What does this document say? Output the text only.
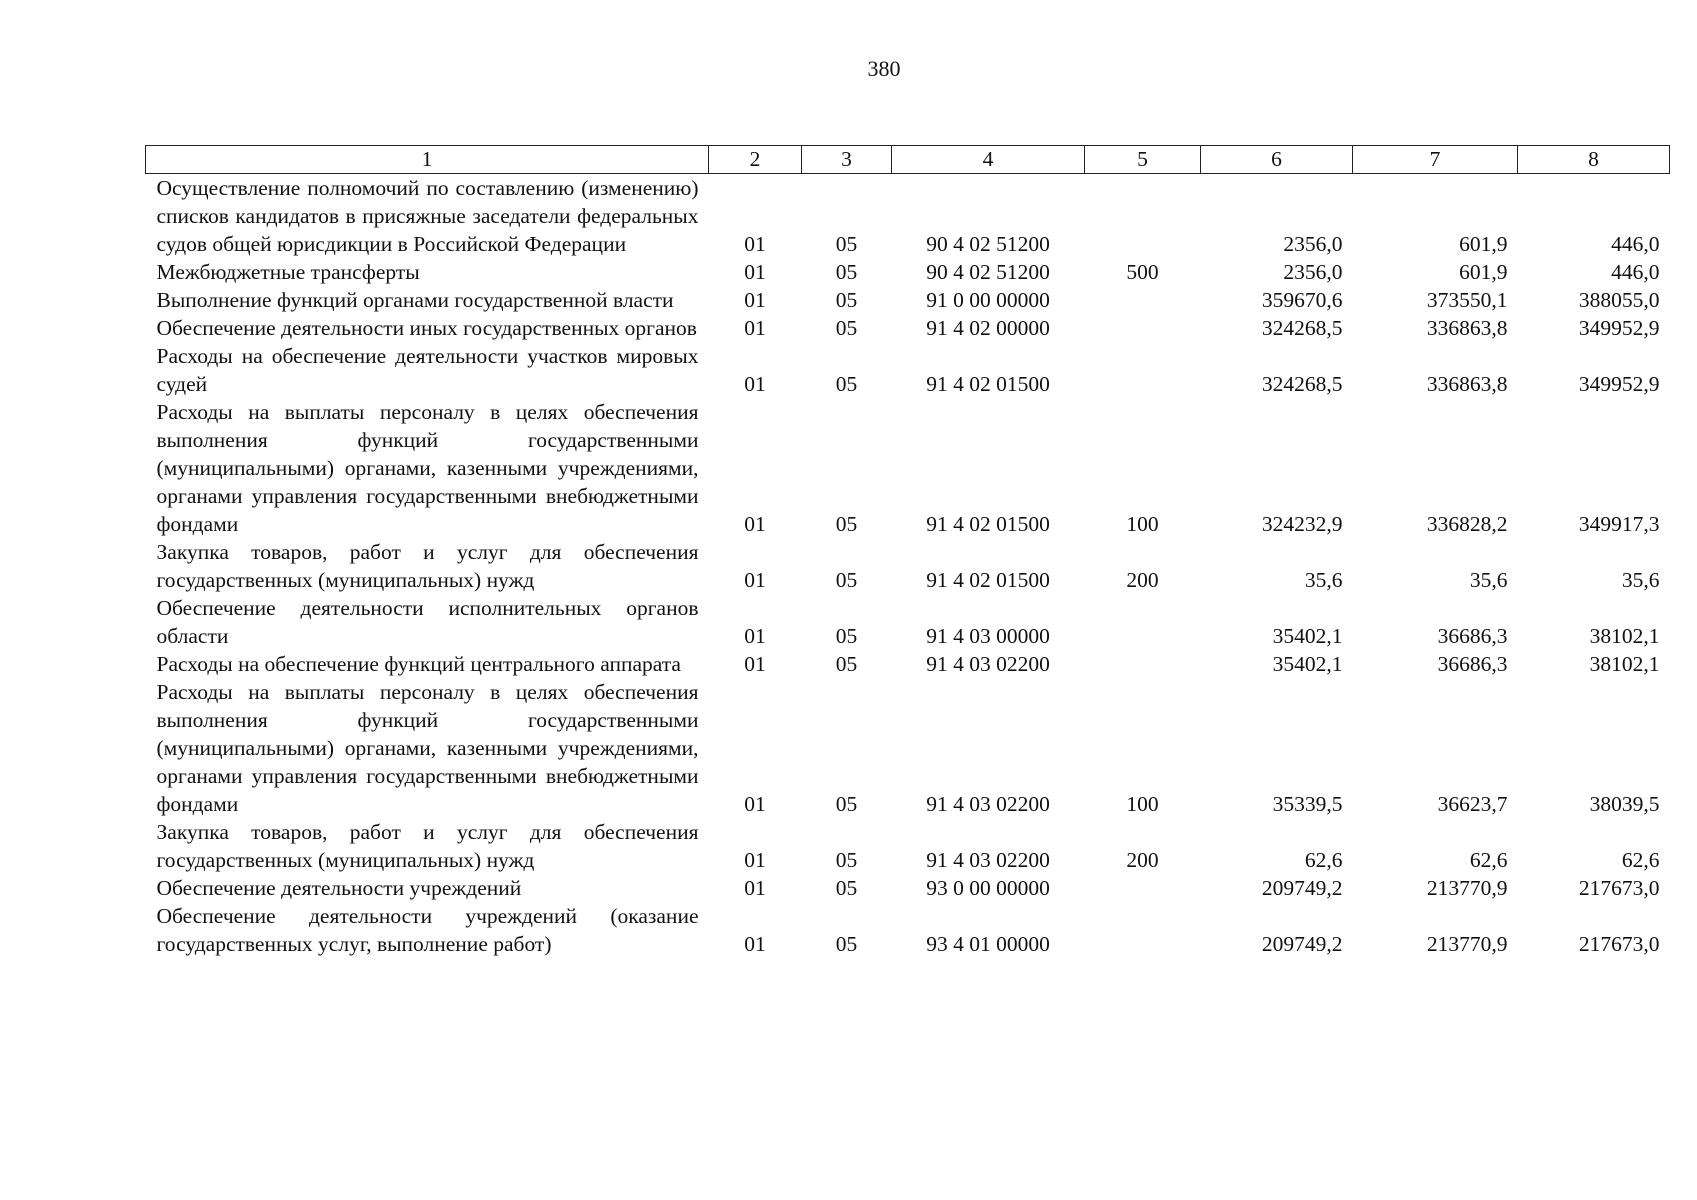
380
1	2	3	4	5	6	7	8
Осуществление полномочий по составлению (изменению) списков кандидатов в присяжные заседатели федеральных судов общей юрисдикции в Российской Федерации	01	05	90 4 02 51200		2356,0	601,9	446,0
Межбюджетные трансферты	01	05	90 4 02 51200	500	2356,0	601,9	446,0
Выполнение функций органами государственной власти	01	05	91 0 00 00000		359670,6	373550,1	388055,0
Обеспечение деятельности иных государственных органов	01	05	91 4 02 00000		324268,5	336863,8	349952,9
Расходы на обеспечение деятельности участков мировых судей	01	05	91 4 02 01500		324268,5	336863,8	349952,9
Расходы на выплаты персоналу в целях обеспечения выполнения функций государственными (муниципальными) органами, казенными учреждениями, органами управления государственными внебюджетными фондами	01	05	91 4 02 01500	100	324232,9	336828,2	349917,3
Закупка товаров, работ и услуг для обеспечения государственных (муниципальных) нужд	01	05	91 4 02 01500	200	35,6	35,6	35,6
Обеспечение деятельности исполнительных органов области	01	05	91 4 03 00000		35402,1	36686,3	38102,1
Расходы на обеспечение функций центрального аппарата	01	05	91 4 03 02200		35402,1	36686,3	38102,1
Расходы на выплаты персоналу в целях обеспечения выполнения функций государственными (муниципальными) органами, казенными учреждениями, органами управления государственными внебюджетными фондами	01	05	91 4 03 02200	100	35339,5	36623,7	38039,5
Закупка товаров, работ и услуг для обеспечения государственных (муниципальных) нужд	01	05	91 4 03 02200	200	62,6	62,6	62,6
Обеспечение деятельности учреждений	01	05	93 0 00 00000		209749,2	213770,9	217673,0
Обеспечение деятельности учреждений (оказание государственных услуг, выполнение работ)	01	05	93 4 01 00000		209749,2	213770,9	217673,0
